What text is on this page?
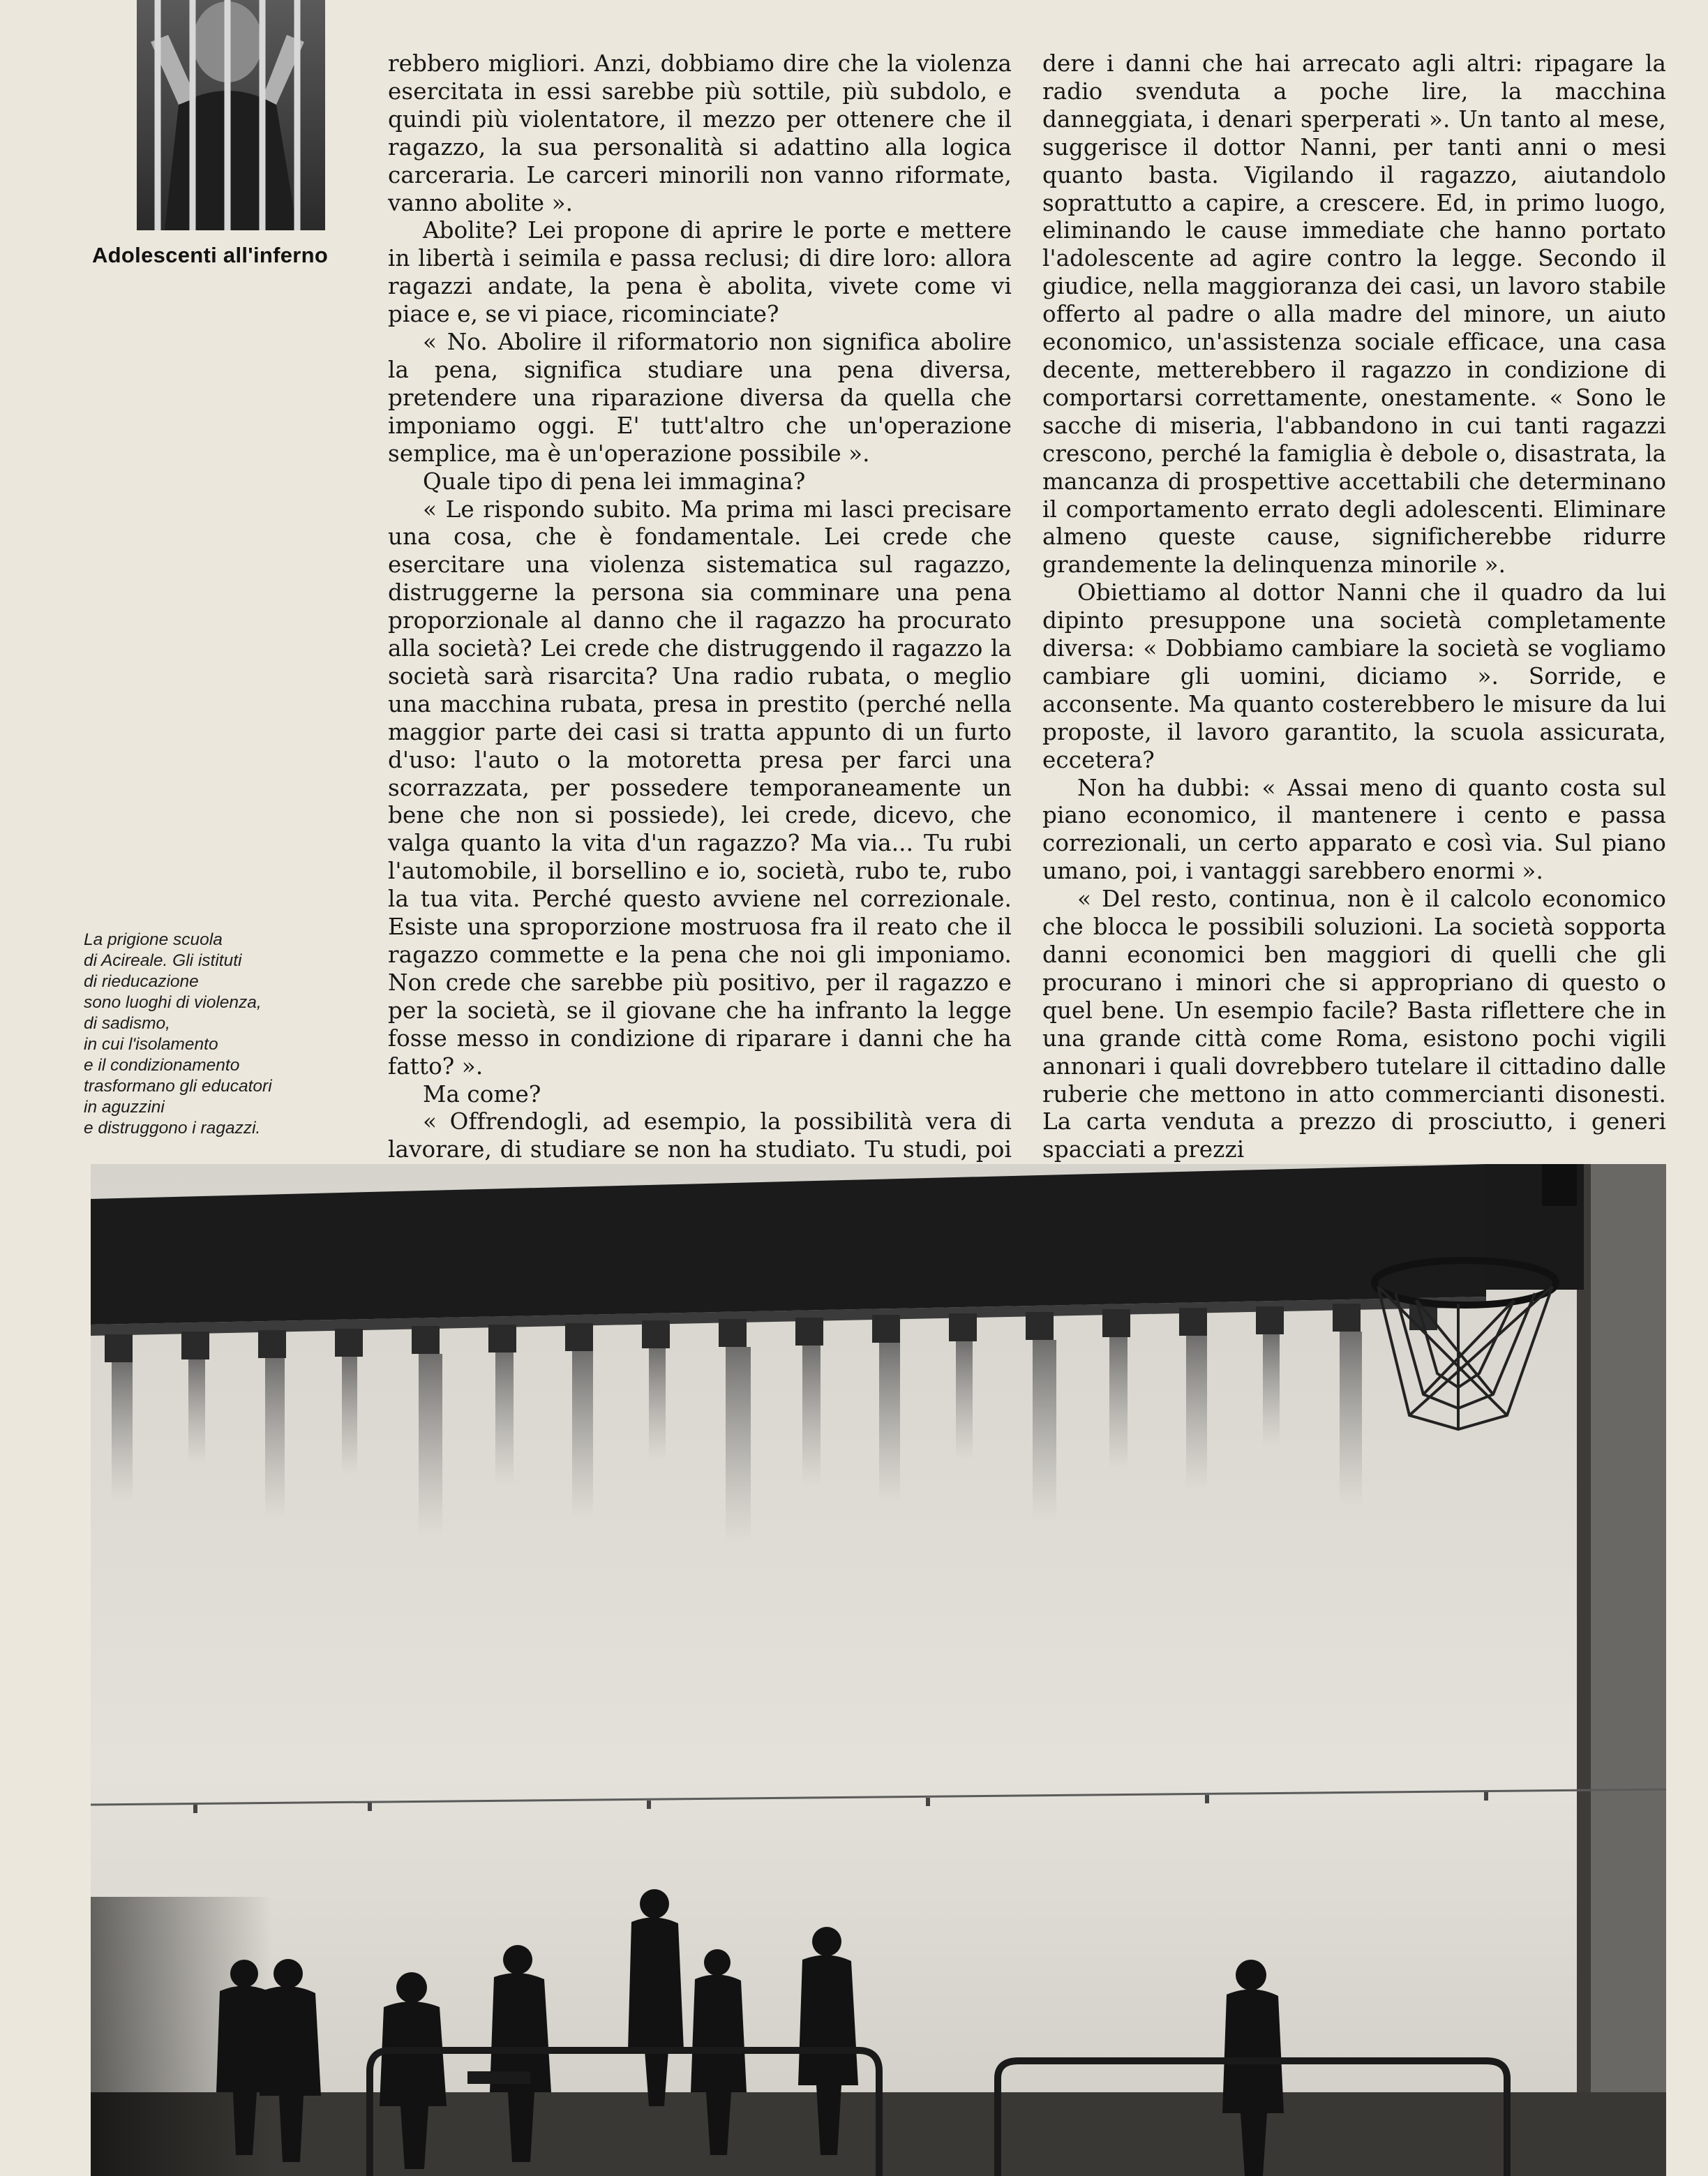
Adolescenti all'inferno
La prigione scuola
di Acireale. Gli istituti
di rieducazione
sono luoghi di violenza,
di sadismo,
in cui l'isolamento
e il condizionamento
trasformano gli educatori
in aguzzini
e distruggono i ragazzi.

rebbero migliori. Anzi, dobbiamo dire che la violenza esercitata in essi sarebbe più sottile, più subdolo, e quindi più violentatore, il mezzo per ottenere che il ragazzo, la sua personalità si adattino alla logica carceraria. Le carceri minorili non vanno riformate, vanno abolite ».

Abolite? Lei propone di aprire le porte e mettere in libertà i seimila e passa reclusi; di dire loro: allora ragazzi andate, la pena è abolita, vivete come vi piace e, se vi piace, ricominciate?

« No. Abolire il riformatorio non significa abolire la pena, significa studiare una pena diversa, pretendere una riparazione diversa da quella che imponiamo oggi. E' tutt'altro che un'operazione semplice, ma è un'operazione possibile ».

Quale tipo di pena lei immagina?

« Le rispondo subito. Ma prima mi lasci precisare una cosa, che è fondamentale. Lei crede che esercitare una violenza sistematica sul ragazzo, distruggerne la persona sia comminare una pena proporzionale al danno che il ragazzo ha procurato alla società? Lei crede che distruggendo il ragazzo la società sarà risarcita? Una radio rubata, o meglio una macchina rubata, presa in prestito (perché nella maggior parte dei casi si tratta appunto di un furto d'uso: l'auto o la motoretta presa per farci una scorrazzata, per possedere temporaneamente un bene che non si possiede), lei crede, dicevo, che valga quanto la vita d'un ragazzo? Ma via... Tu rubi l'automobile, il borsellino e io, società, rubo te, rubo la tua vita. Perché questo avviene nel correzionale. Esiste una sproporzione mostruosa fra il reato che il ragazzo commette e la pena che noi gli imponiamo. Non crede che sarebbe più positivo, per il ragazzo e per la società, se il giovane che ha infranto la legge fosse messo in condizione di riparare i danni che ha fatto? ».

Ma come?

« Offrendogli, ad esempio, la possibilità vera di lavorare, di studiare se non ha studiato. Tu studi, poi

dere i danni che hai arrecato agli altri: ripagare la radio svenduta a poche lire, la macchina danneggiata, i denari sperperati ». Un tanto al mese, suggerisce il dottor Nanni, per tanti anni o mesi quanto basta. Vigilando il ragazzo, aiutandolo soprattutto a capire, a crescere. Ed, in primo luogo, eliminando le cause immediate che hanno portato l'adolescente ad agire contro la legge. Secondo il giudice, nella maggioranza dei casi, un lavoro stabile offerto al padre o alla madre del minore, un aiuto economico, un'assistenza sociale efficace, una casa decente, metterebbero il ragazzo in condizione di comportarsi correttamente, onestamente. « Sono le sacche di miseria, l'abbandono in cui tanti ragazzi crescono, perché la famiglia è debole o, disastrata, la mancanza di prospettive accettabili che determinano il comportamento errato degli adolescenti. Eliminare almeno queste cause, significherebbe ridurre grandemente la delinquenza minorile ».

Obiettiamo al dottor Nanni che il quadro da lui dipinto presuppone una società completamente diversa: « Dobbiamo cambiare la società se vogliamo cambiare gli uomini, diciamo ». Sorride, e acconsente. Ma quanto costerebbero le misure da lui proposte, il lavoro garantito, la scuola assicurata, eccetera?

Non ha dubbi: « Assai meno di quanto costa sul piano economico, il mantenere i cento e passa correzionali, un certo apparato e così via. Sul piano umano, poi, i vantaggi sarebbero enormi ».

« Del resto, continua, non è il calcolo economico che blocca le possibili soluzioni. La società sopporta danni economici ben maggiori di quelli che gli procurano i minori che si appropriano di questo o quel bene. Un esempio facile? Basta riflettere che in una grande città come Roma, esistono pochi vigili annonari i quali dovrebbero tutelare il cittadino dalle ruberie che mettono in atto commercianti disonesti. La carta venduta a prezzo di prosciutto, i generi spacciati a prezzi
